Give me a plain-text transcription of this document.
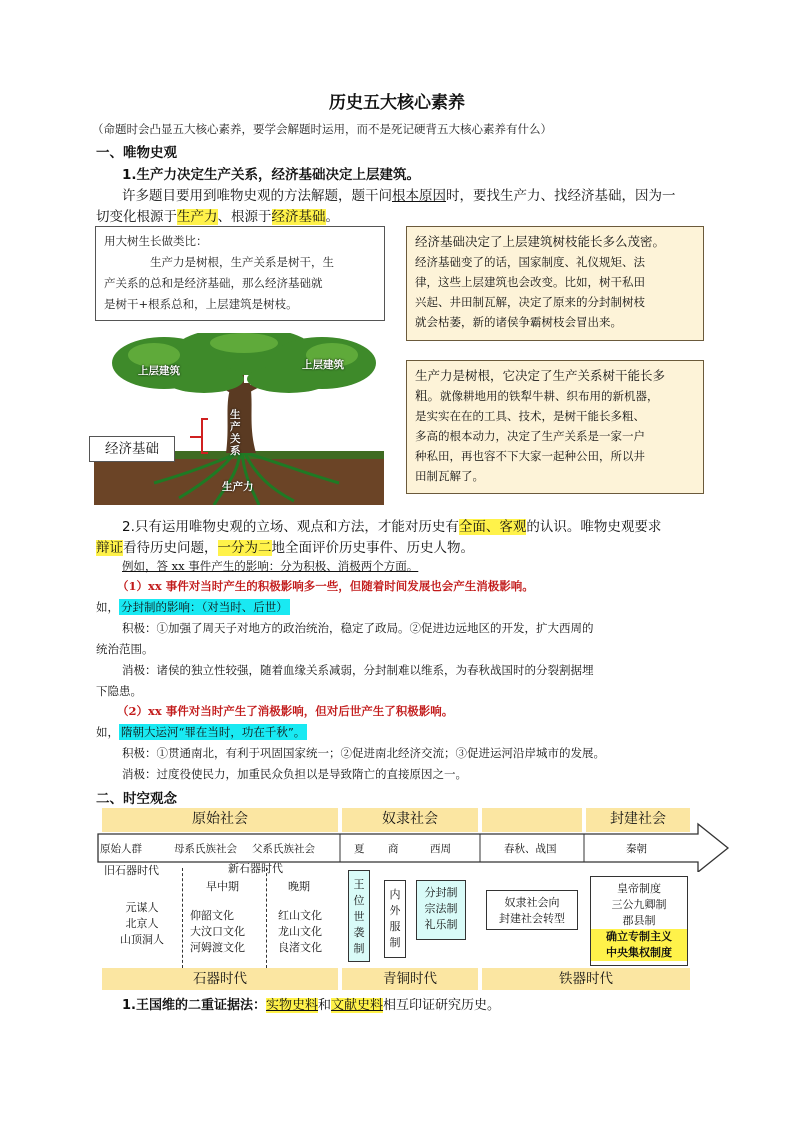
历史五大核心素养
（命题时会凸显五大核心素养，要学会解题时运用，而不是死记硬背五大核心素养有什么）
一、唯物史观
1.生产力决定生产关系，经济基础决定上层建筑。
许多题目要用到唯物史观的方法解题，题干问根本原因时，要找生产力、找经济基础，因为一
切变化根源于生产力、根源于经济基础。
用大树生长做类比：
生产力是树根，生产关系是树干，生
产关系的总和是经济基础，那么经济基础就
是树干+根系总和，上层建筑是树枝。
经济基础决定了上层建筑树枝能长多么茂密。
经济基础变了的话，国家制度、礼仪规矩、法
律，这些上层建筑也会改变。比如，树干私田
兴起、井田制瓦解，决定了原来的分封制树枝
就会枯萎，新的诸侯争霸树枝会冒出来。
上层建筑	上层建筑
生产关系
生产力
经济基础
生产力是树根，它决定了生产关系树干能长多
粗。就像耕地用的铁犁牛耕、织布用的新机器，
是实实在在的工具、技术，是树干能长多粗、
多高的根本动力，决定了生产关系是一家一户
种私田，再也容不下大家一起种公田，所以井
田制瓦解了。
2.只有运用唯物史观的立场、观点和方法，才能对历史有全面、客观的认识。唯物史观要求
辩证看待历史问题，一分为二地全面评价历史事件、历史人物。
例如，答 xx 事件产生的影响：分为积极、消极两个方面。
（1）xx 事件对当时产生的积极影响多一些，但随着时间发展也会产生消极影响。
如， 分封制的影响：（对当时、后世）
积极：①加强了周天子对地方的政治统治，稳定了政局。②促进边远地区的开发，扩大西周的
统治范围。
消极：诸侯的独立性较强，随着血缘关系减弱，分封制难以维系，为春秋战国时的分裂割据埋
下隐患。
（2）xx 事件对当时产生了消极影响，但对后世产生了积极影响。
如， 隋朝大运河“罪在当时，功在千秋”。
积极：①贯通南北，有利于巩固国家统一；②促进南北经济交流；③促进运河沿岸城市的发展。
消极：过度役使民力，加重民众负担以是导致隋亡的直接原因之一。
二、时空观念
原始社会	奴隶社会	封建社会
原始人群	母系氏族社会 父系氏族社会	夏 商	西周	春秋、战国	秦朝
旧石器时代	新石器时代
早中期	晚期
元谋人
北京人
山顶洞人
仰韶文化
大汶口文化
河姆渡文化
红山文化
龙山文化
良渚文化
王位世袭制
内外服制
分封制
宗法制
礼乐制
奴隶社会向
封建社会转型
皇帝制度
三公九卿制
郡县制
确立专制主义
中央集权制度
石器时代	青铜时代	铁器时代
1.王国维的二重证据法：实物史料和文献史料相互印证研究历史。
